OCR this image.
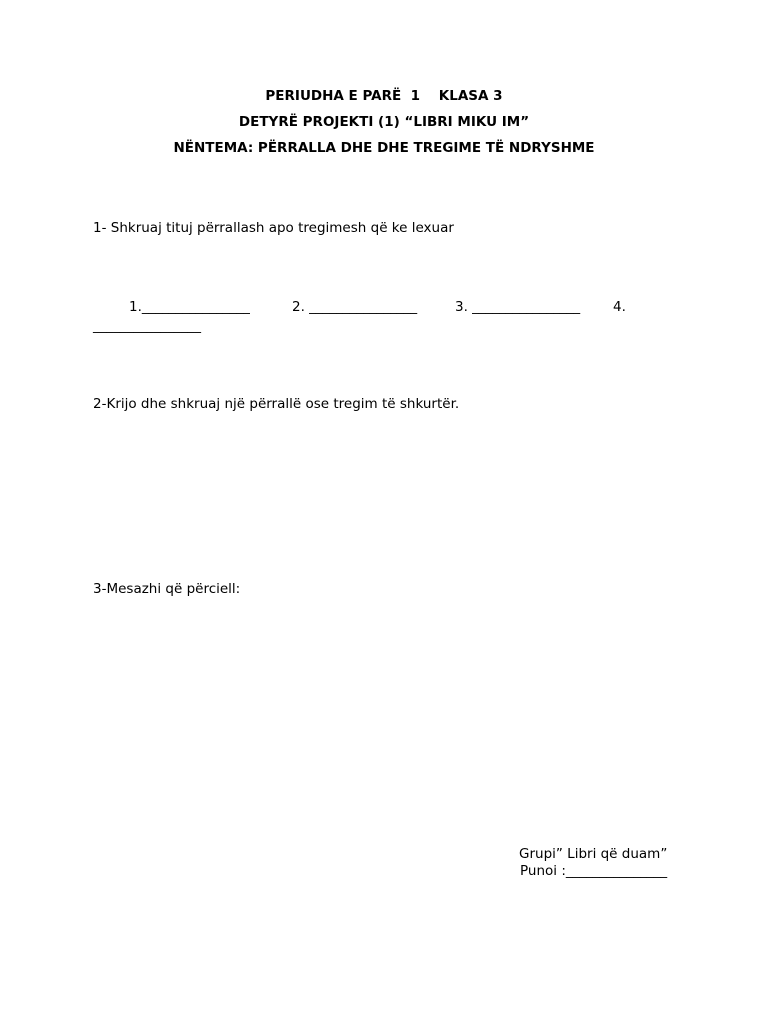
PERIUDHA E PARË  1    KLASA 3
DETYRË PROJEKTI (1) “LIBRI MIKU IM”
NËNTEMA: PËRRALLA DHE DHE TREGIME TË NDRYSHME
1- Shkruaj tituj përrallash apo tregimesh që ke lexuar
1.________________	2. ________________	3. ________________ 4.
________________
2-Krijo dhe shkruaj një përrallë ose tregim të shkurtër.
3-Mesazhi që përciell:
Grupi” Libri që duam”
Punoi :_______________
